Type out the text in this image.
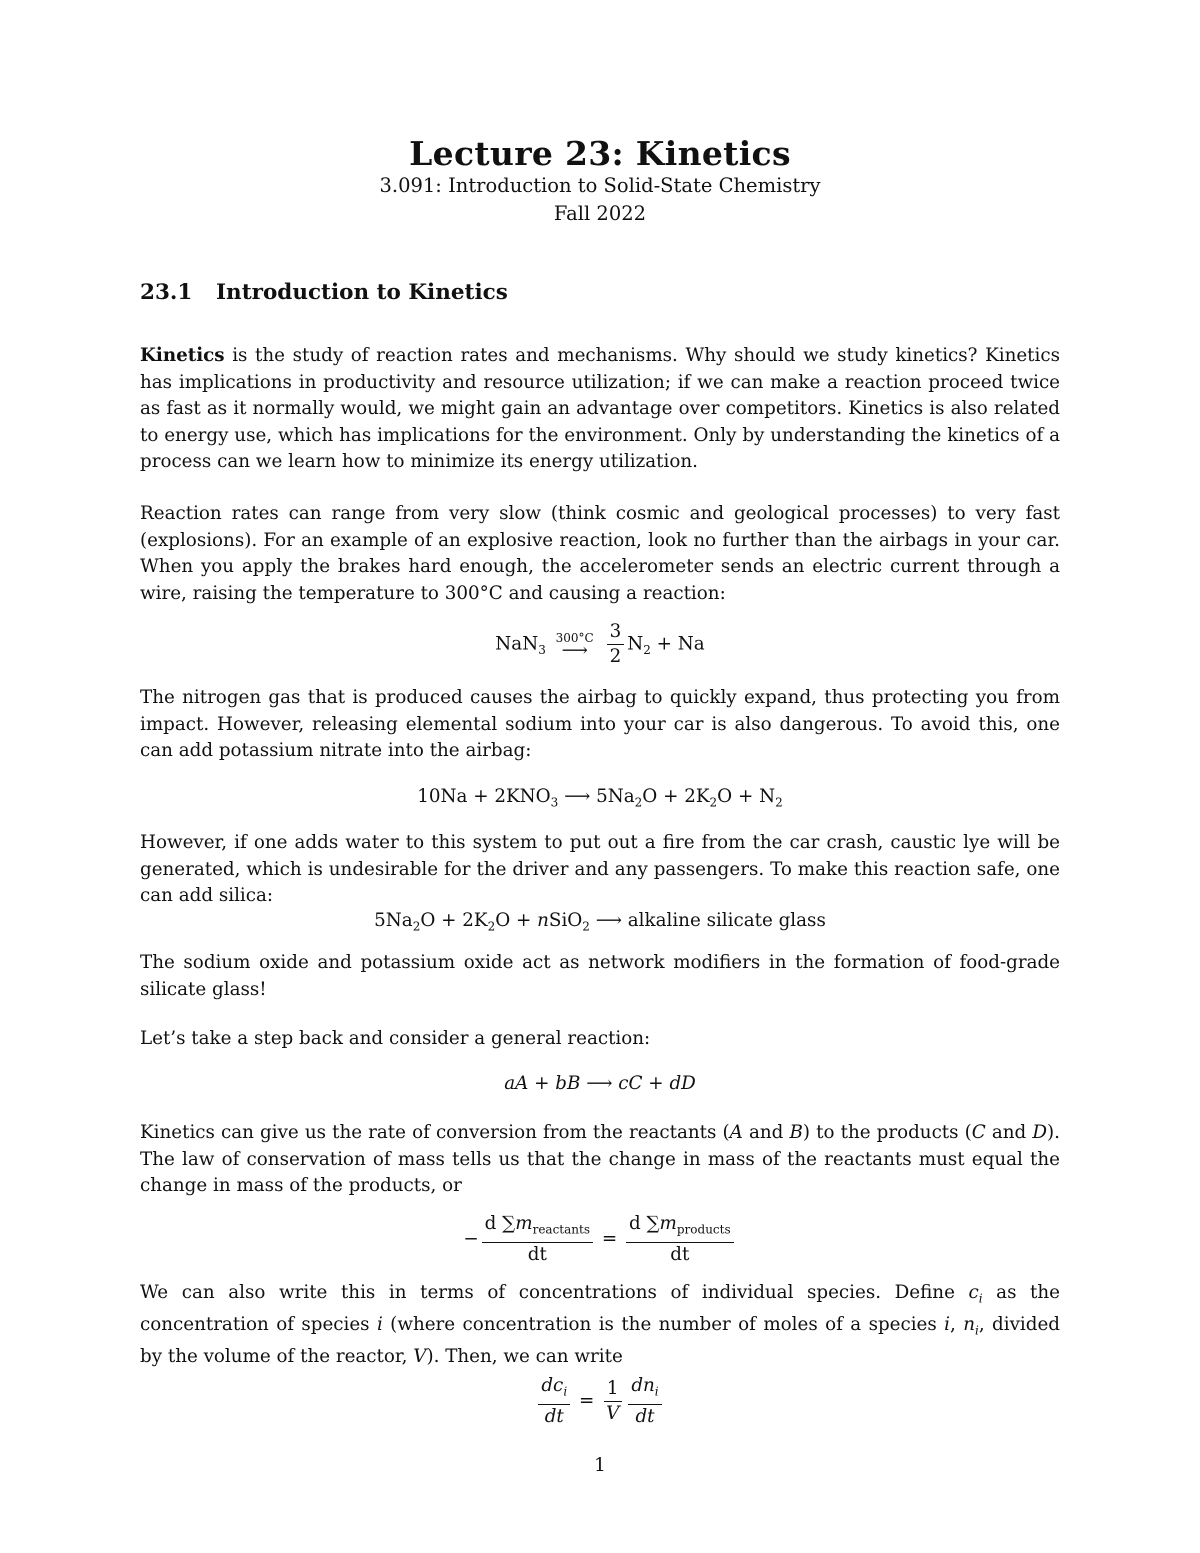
Lecture 23: Kinetics
3.091: Introduction to Solid-State Chemistry
Fall 2022
23.1 Introduction to Kinetics
Kinetics is the study of reaction rates and mechanisms. Why should we study kinetics? Kinetics has implications in productivity and resource utilization; if we can make a reaction proceed twice as fast as it normally would, we might gain an advantage over competitors. Kinetics is also related to energy use, which has implications for the environment. Only by understanding the kinetics of a process can we learn how to minimize its energy utilization.
Reaction rates can range from very slow (think cosmic and geological processes) to very fast (explosions). For an example of an explosive reaction, look no further than the airbags in your car. When you apply the brakes hard enough, the accelerometer sends an electric current through a wire, raising the temperature to 300°C and causing a reaction:
NaN$_3$
300°C
⟶
$\frac{3}{2} N_2 + Na$
The nitrogen gas that is produced causes the airbag to quickly expand, thus protecting you from impact. However, releasing elemental sodium into your car is also dangerous. To avoid this, one can add potassium nitrate into the airbag:
$10Na + 2KNO_3$ ⟶ $5Na_2O + 2K_2O + N_2$
However, if one adds water to this system to put out a fire from the car crash, caustic lye will be generated, which is undesirable for the driver and any passengers. To make this reaction safe, one can add silica:
$5Na_2O + 2K_2O$ + nSiO$_2$ ⟶ alkaline silicate glass
The sodium oxide and potassium oxide act as network modifiers in the formation of food-grade silicate glass!
Let’s take a step back and consider a general reaction:
aA + bB ⟶ cC + dD
Kinetics can give us the rate of conversion from the reactants (A and B) to the products (C and D). The law of conservation of mass tells us that the change in mass of the reactants must equal the change in mass of the products, or
− $\frac{d \sum m_{reactants}}{dt} = \frac{d \sum m_{products}}{dt}$
We can also write this in terms of concentrations of individual species. Define $c_i$ as the concentration of species i (where concentration is the number of moles of a species i, $n_i$, divided by the volume of the reactor, V). Then, we can write
$\frac{dc_i}{dt} = \frac{1}{V} \frac{dn_i}{dt}$
1
